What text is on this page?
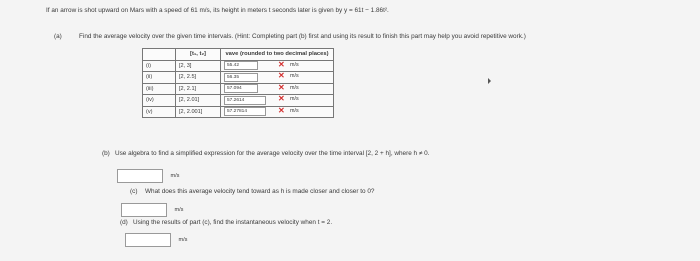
If an arrow is shot upward on Mars with a speed of 61 m/s, its height in meters t seconds later is given by y = 61t − 1.86t².
(a)	Find the average velocity over the given time intervals. (Hint: Completing part (b) first and using its result to finish this part may help you avoid repetitive work.)
	[t₁, t₂]	vave (rounded to two decimal places)
(i)	[2, 3]	55.42 ✕ m/s

(ii)	[2, 2.5]	56.35 ✕ m/s

(iii)	[2, 2.1]	57.094 ✕ m/s

(iv)	[2, 2.01]	57.2614 ✕ m/s

(v)	[2, 2.001]	57.27814 ✕ m/s
(b) Use algebra to find a simplified expression for the average velocity over the time interval [2, 2 + h], where h ≠ 0.
m/s
(c) What does this average velocity tend toward as h is made closer and closer to 0?
m/s
(d) Using the results of part (c), find the instantaneous velocity when t = 2.
m/s
